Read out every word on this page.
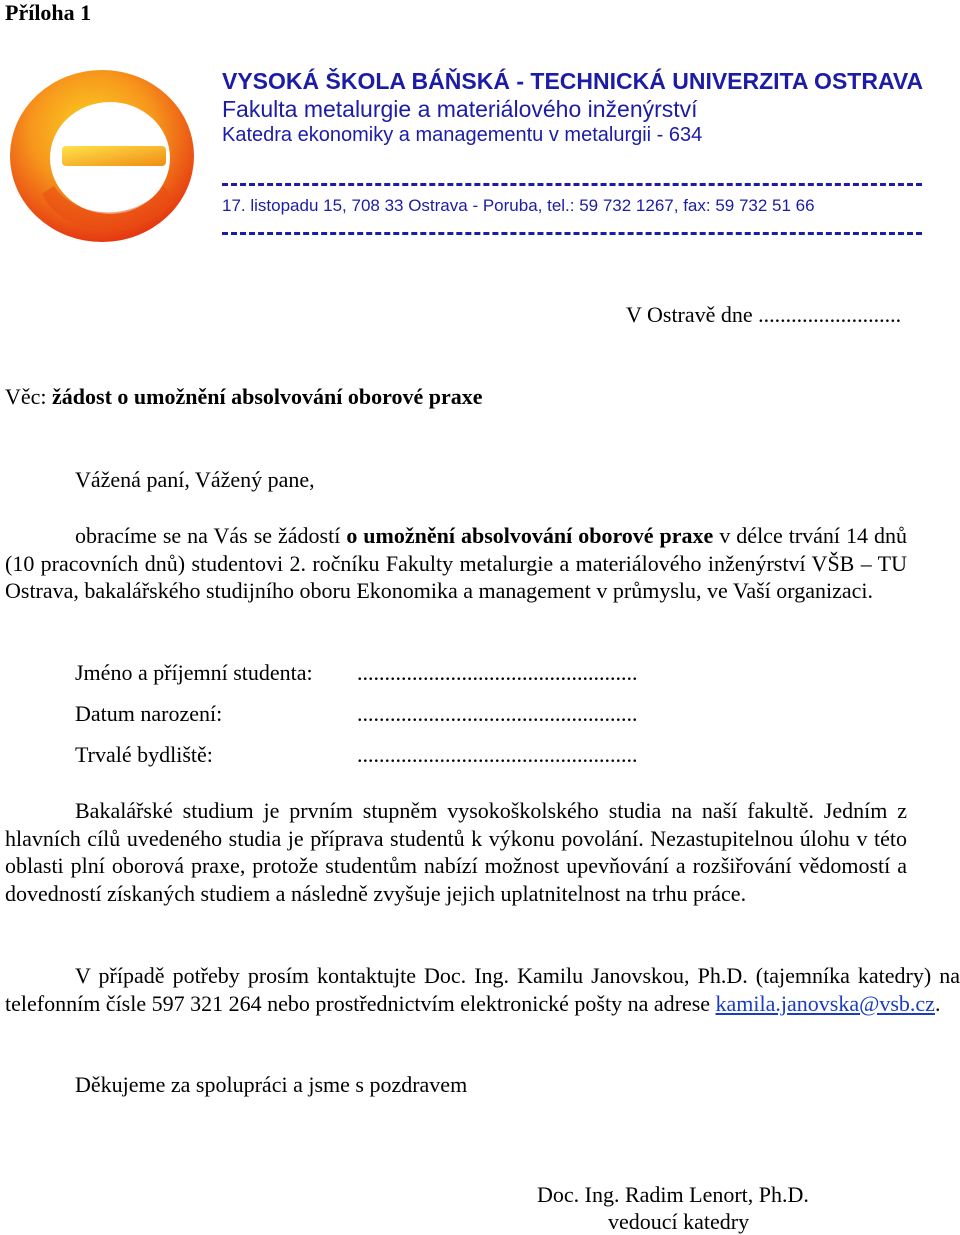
Příloha 1
VYSOKÁ ŠKOLA BÁŇSKÁ - TECHNICKÁ UNIVERZITA OSTRAVA
Fakulta metalurgie a materiálového inženýrství
Katedra ekonomiky a managementu v metalurgii - 634
17. listopadu 15, 708 33 Ostrava - Poruba, tel.: 59 732 1267, fax: 59 732 51 66
V Ostravě dne ..........................
Věc: žádost o umožnění absolvování oborové praxe
Vážená paní, Vážený pane,
obracíme se na Vás se žádostí o umožnění absolvování oborové praxe v délce trvání 14 dnů (10 pracovních dnů) studentovi 2. ročníku Fakulty metalurgie a materiálového inženýrství VŠB – TU Ostrava, bakalářského studijního oboru Ekonomika a management v průmyslu, ve Vaší organizaci.
Jméno a příjemní studenta: ...................................................
Datum narození:	...................................................
Trvalé bydliště:	...................................................
Bakalářské studium je prvním stupněm vysokoškolského studia na naší fakultě. Jedním z hlavních cílů uvedeného studia je příprava studentů k výkonu povolání. Nezastupitelnou úlohu v této oblasti plní oborová praxe, protože studentům nabízí možnost upevňování a rozšiřování vědomostí a dovedností získaných studiem a následně zvyšuje jejich uplatnitelnost na trhu práce.
V případě potřeby prosím kontaktujte Doc. Ing. Kamilu Janovskou, Ph.D. (tajemníka katedry) na telefonním čísle 597 321 264 nebo prostřednictvím elektronické pošty na adrese kamila.janovska@vsb.cz.
Děkujeme za spolupráci a jsme s pozdravem
Doc. Ing. Radim Lenort, Ph.D.
vedoucí katedry
